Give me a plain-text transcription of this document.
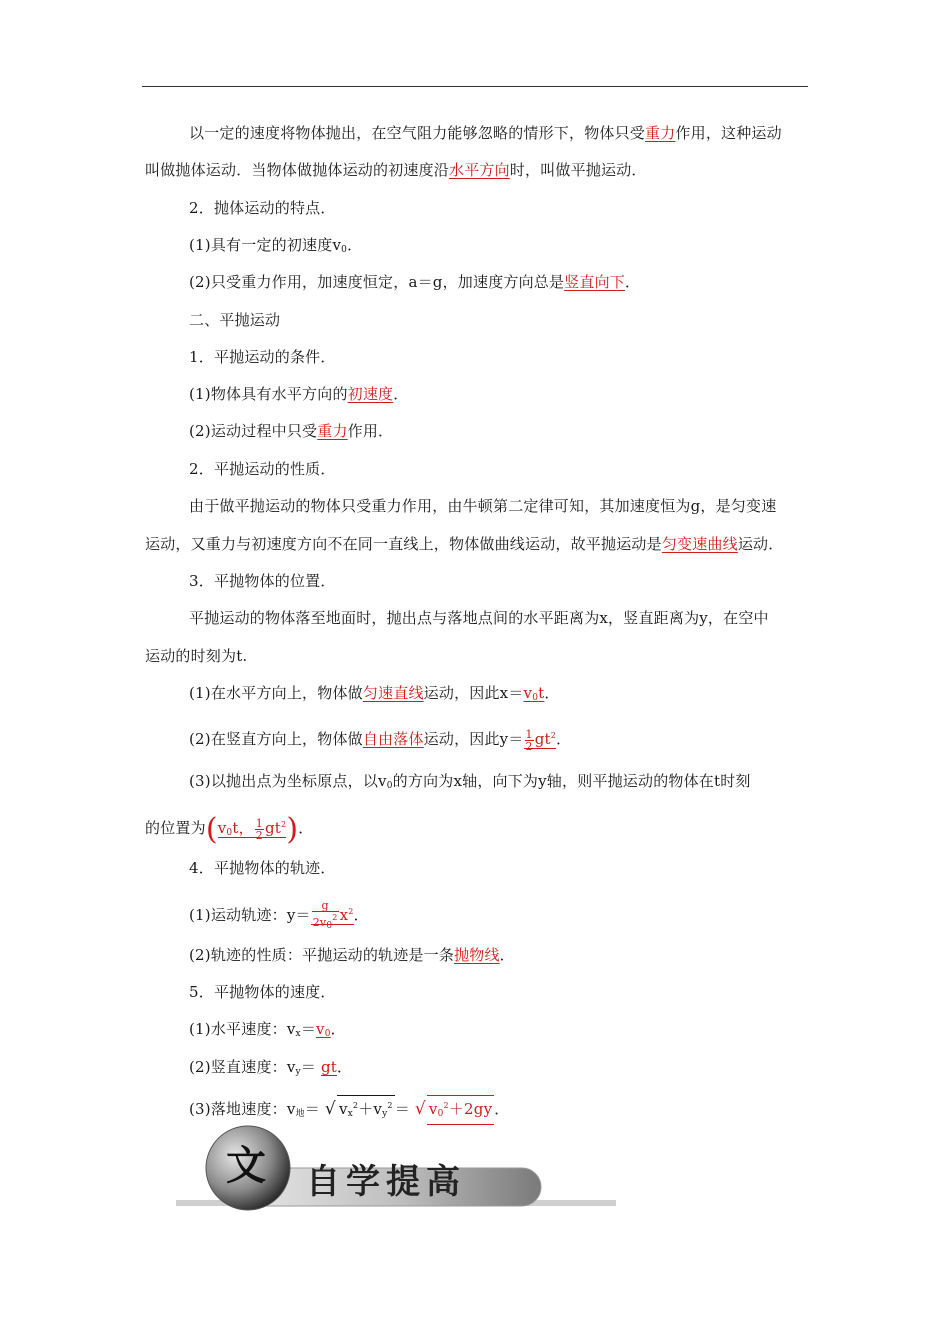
以一定的速度将物体抛出，在空气阻力能够忽略的情形下，物体只受重力作用，这种运动
叫做抛体运动．当物体做抛体运动的初速度沿水平方向时，叫做平抛运动．
2．抛体运动的特点．
(1)具有一定的初速度$v_0$．
(2)只受重力作用，加速度恒定，a＝g，加速度方向总是竖直向下．
二、平抛运动
1．平抛运动的条件．
(1)物体具有水平方向的初速度．
(2)运动过程中只受重力作用．
2．平抛运动的性质．
由于做平抛运动的物体只受重力作用，由牛顿第二定律可知，其加速度恒为g，是匀变速
运动，又重力与初速度方向不在同一直线上，物体做曲线运动，故平抛运动是匀变速曲线运动．
3．平抛物体的位置．
平抛运动的物体落至地面时，抛出点与落地点间的水平距离为x，竖直距离为y，在空中
运动的时刻为t.
(1)在水平方向上，物体做匀速直线运动，因此$x=v_0t$．
(2)在竖直方向上，物体做自由落体运动，因此$y= \frac{1}{2} gt^2$．
(3)以抛出点为坐标原点，以$v_0$的方向为x轴，向下为y轴，则平抛运动的物体在t时刻
的位置为($v_0t$， $\frac{1}{2} gt^2$)．
4．平抛物体的轨迹．
(1)运动轨迹：$y= \frac{g}{2v_0^2} x^2$．
(2)轨迹的性质：平抛运动的轨迹是一条抛物线．
5．平抛物体的速度．
(1)水平速度：$v_x=v_0$．
(2)竖直速度：$v_y=$ gt．
(3)落地速度：$v_地=$ √ $v_x^2+v_y^2$ ＝ √ $v_0^2+2gy$ ．
文 自学提高
